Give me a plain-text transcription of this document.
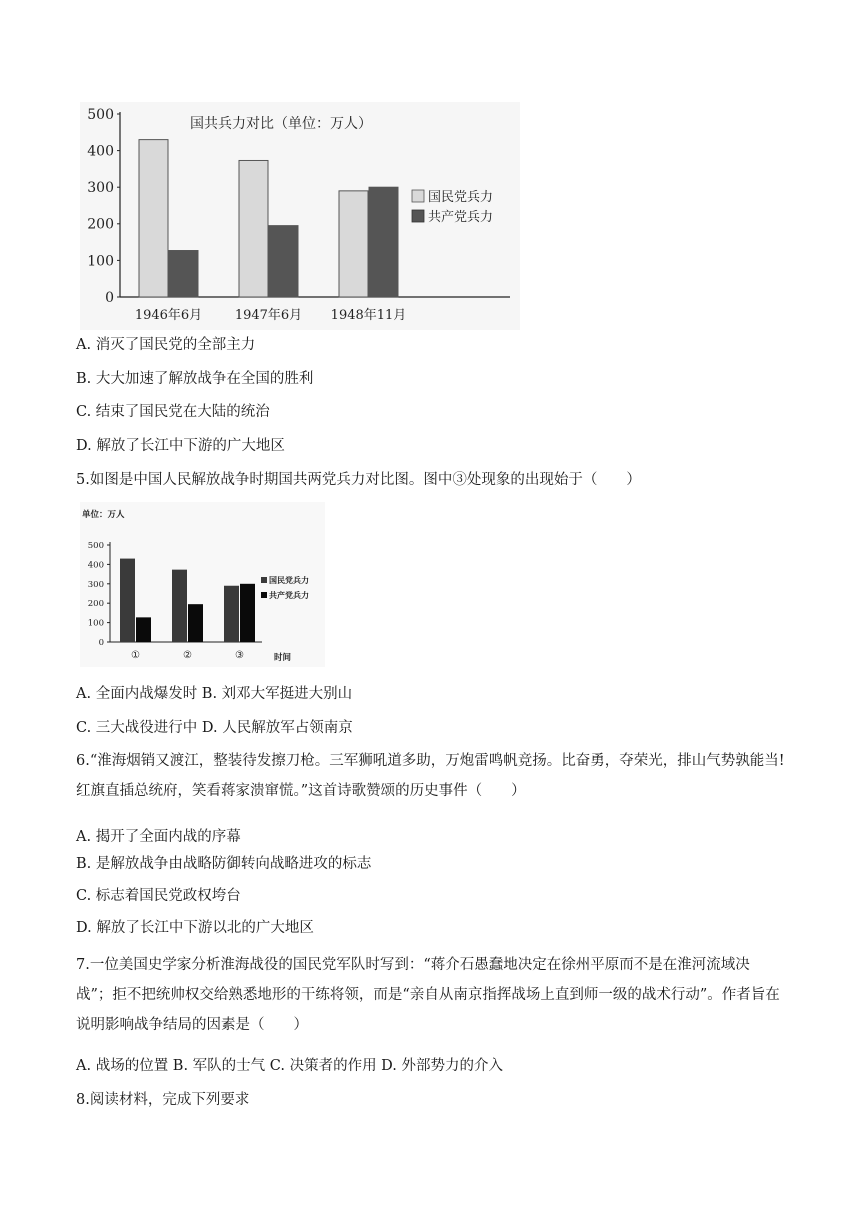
0
100
200
300
400
500
1946年6月	1947年6月 1948年11月
国共兵力对比（单位：万人）
国民党兵力
共产党兵力
A. 消灭了国民党的全部主力
B. 大大加速了解放战争在全国的胜利
C. 结束了国民党在大陆的统治
D. 解放了长江中下游的广大地区
5.如图是中国人民解放战争时期国共两党兵力对比图。图中③处现象的出现始于（　　）
单位：万人
0
100
200
300
400
500
①	②	③	时间
国民党兵力
共产党兵力
A. 全面内战爆发时 B. 刘邓大军挺进大别山
C. 三大战役进行中 D. 人民解放军占领南京
6.“淮海烟销又渡江，整装待发擦刀枪。三军狮吼道多助，万炮雷鸣帆竞扬。比奋勇，夺荣光，排山气势孰能当!红旗直插总统府，笑看蒋家溃窜慌。”这首诗歌赞颂的历史事件（　　）
A. 揭开了全面内战的序幕
B. 是解放战争由战略防御转向战略进攻的标志
C. 标志着国民党政权垮台
D. 解放了长江中下游以北的广大地区
7.一位美国史学家分析淮海战役的国民党军队时写到：“蒋介石愚蠢地决定在徐州平原而不是在淮河流域决战”；拒不把统帅权交给熟悉地形的干练将领，而是“亲自从南京指挥战场上直到师一级的战术行动”。作者旨在说明影响战争结局的因素是（　　）
A. 战场的位置 B. 军队的士气 C. 决策者的作用 D. 外部势力的介入
8.阅读材料，完成下列要求
